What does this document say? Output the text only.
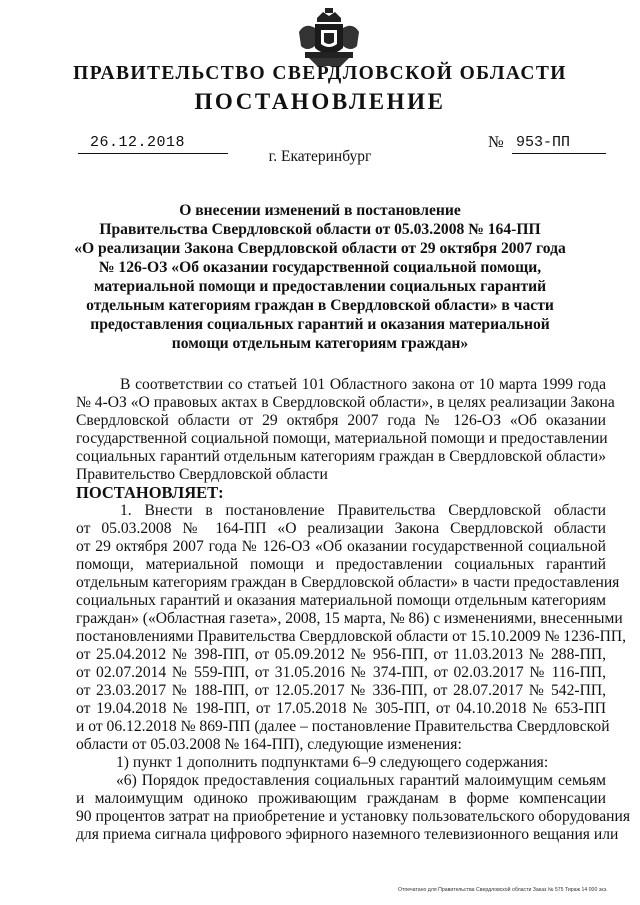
ПРАВИТЕЛЬСТВО СВЕРДЛОВСКОЙ ОБЛАСТИ
ПОСТАНОВЛЕНИЕ
26.12.2018	№ 953-ПП
г. Екатеринбург
О внесении изменений в постановление
Правительства Свердловской области от 05.03.2008 № 164-ПП
«О реализации Закона Свердловской области от 29 октября 2007 года
№ 126-ОЗ «Об оказании государственной социальной помощи,
материальной помощи и предоставлении социальных гарантий
отдельным категориям граждан в Свердловской области» в части
предоставления социальных гарантий и оказания материальной
помощи отдельным категориям граждан»
В соответствии со статьей 101 Областного закона от 10 марта 1999 года
№ 4-ОЗ «О правовых актах в Свердловской области», в целях реализации Закона
Свердловской области от 29 октября 2007 года № 126-ОЗ «Об оказании
государственной социальной помощи, материальной помощи и предоставлении
социальных гарантий отдельным категориям граждан в Свердловской области»
Правительство Свердловской области
ПОСТАНОВЛЯЕТ:
1. Внести в постановление Правительства Свердловской области
от 05.03.2008 № 164-ПП «О реализации Закона Свердловской области
от 29 октября 2007 года № 126-ОЗ «Об оказании государственной социальной
помощи, материальной помощи и предоставлении социальных гарантий
отдельным категориям граждан в Свердловской области» в части предоставления
социальных гарантий и оказания материальной помощи отдельным категориям
граждан» («Областная газета», 2008, 15 марта, № 86) с изменениями, внесенными
постановлениями Правительства Свердловской области от 15.10.2009 № 1236-ПП,
от 25.04.2012 № 398-ПП, от 05.09.2012 № 956-ПП, от 11.03.2013 № 288-ПП,
от 02.07.2014 № 559-ПП, от 31.05.2016 № 374-ПП, от 02.03.2017 № 116-ПП,
от 23.03.2017 № 188-ПП, от 12.05.2017 № 336-ПП, от 28.07.2017 № 542-ПП,
от 19.04.2018 № 198-ПП, от 17.05.2018 № 305-ПП, от 04.10.2018 № 653-ПП
и от 06.12.2018 № 869-ПП (далее – постановление Правительства Свердловской
области от 05.03.2008 № 164-ПП), следующие изменения:
1) пункт 1 дополнить подпунктами 6–9 следующего содержания:
«6) Порядок предоставления социальных гарантий малоимущим семьям
и малоимущим одиноко проживающим гражданам в форме компенсации
90 процентов затрат на приобретение и установку пользовательского оборудования
для приема сигнала цифрового эфирного наземного телевизионного вещания или
Отпечатано для Правительства Свердловской области Заказ № 575 Тираж 14 000 экз.
